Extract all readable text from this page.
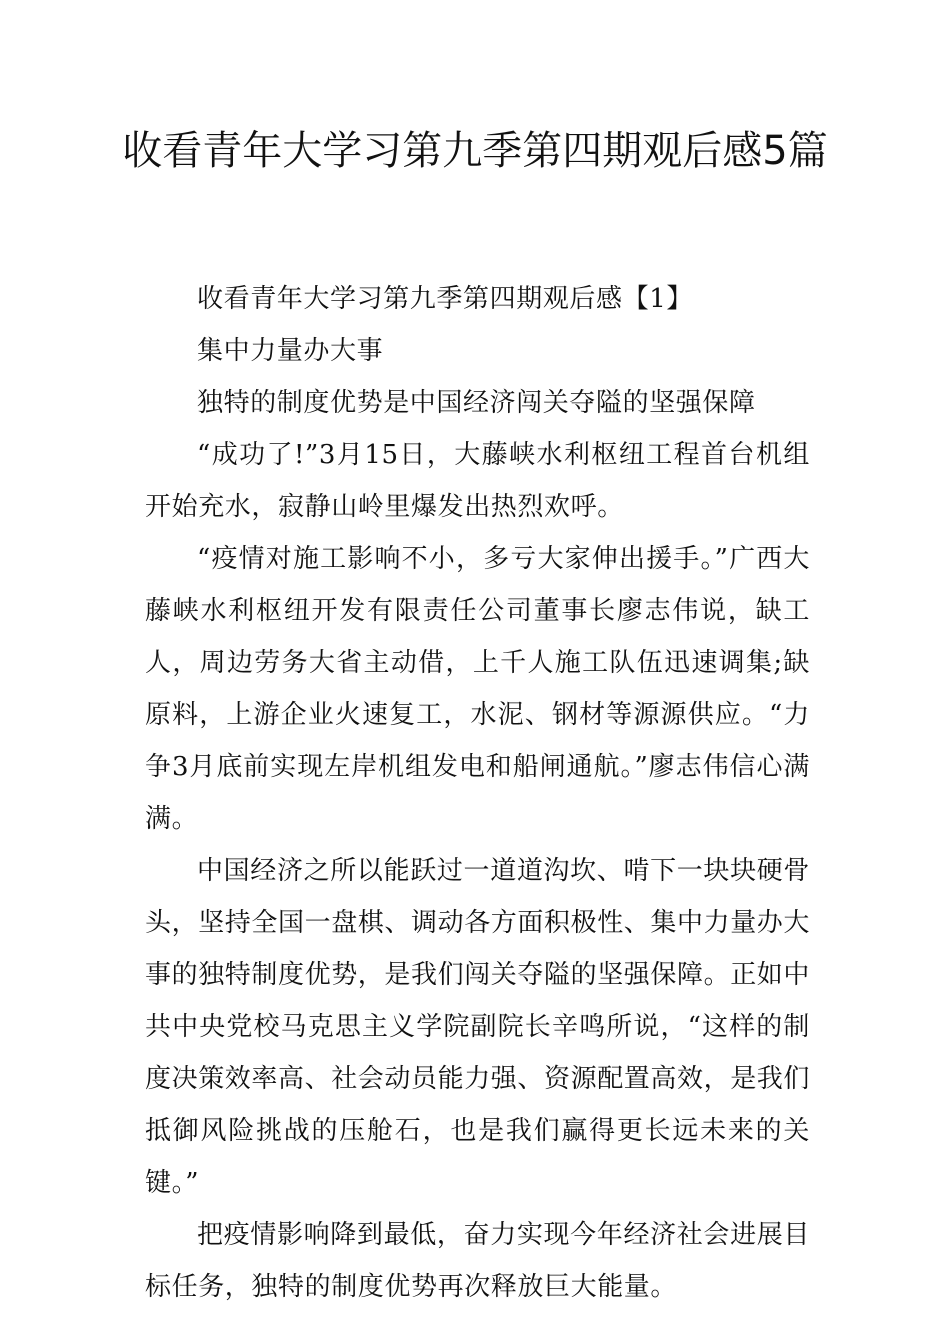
收看青年大学习第九季第四期观后感5篇

收看青年大学习第九季第四期观后感【1】

集中力量办大事

独特的制度优势是中国经济闯关夺隘的坚强保障

“成功了!”3月15日，大藤峡水利枢纽工程首台机组开始充水，寂静山岭里爆发出热烈欢呼。

“疫情对施工影响不小，多亏大家伸出援手。”广西大藤峡水利枢纽开发有限责任公司董事长廖志伟说，缺工人，周边劳务大省主动借，上千人施工队伍迅速调集;缺原料，上游企业火速复工，水泥、钢材等源源供应。“力争3月底前实现左岸机组发电和船闸通航。”廖志伟信心满满。

中国经济之所以能跃过一道道沟坎、啃下一块块硬骨头，坚持全国一盘棋、调动各方面积极性、集中力量办大事的独特制度优势，是我们闯关夺隘的坚强保障。正如中共中央党校马克思主义学院副院长辛鸣所说，“这样的制度决策效率高、社会动员能力强、资源配置高效，是我们抵御风险挑战的压舱石，也是我们赢得更长远未来的关键。”

把疫情影响降到最低，奋力实现今年经济社会进展目标任务，独特的制度优势再次释放巨大能量。
